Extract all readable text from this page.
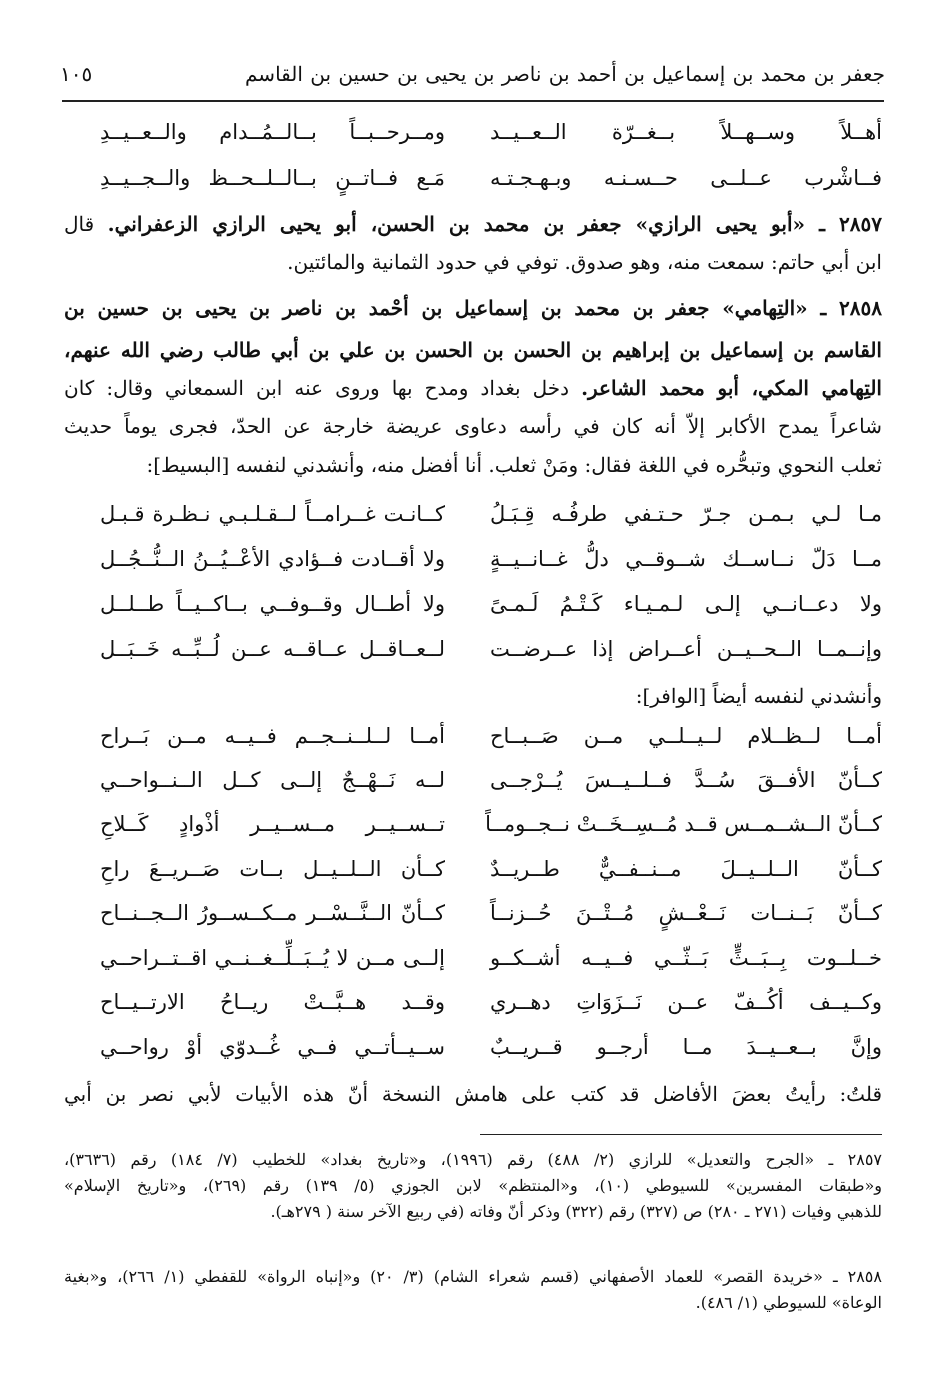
جعفر بن محمد بن إسماعيل بن أحمد بن ناصر بن يحيى بن حسين بن القاسم
١٠٥
أهــلاً وســهــلاً بــغــرّة الــعــيــد
ومــرحــبــاً بــالــمُــدام والــعــيــدِ
فــاشْرب عــلــى حــسـنـه وبـهـجـتـه
مَـع فــاتــنٍ بــالــلــحــظ والــجــيــدِ
٢٨٥٧ ـ «أبو يحيى الرازي» جعفر بن محمد بن الحسن، أبو يحيى الرازي الزعفراني. قال
ابن أبي حاتم: سمعت منه، وهو صدوق. توفي في حدود الثمانية والمائتين.
٢٨٥٨ ـ «التِهامي» جعفر بن محمد بن إسماعيل بن أحْمد بن ناصر بن يحيى بن حسين بن
القاسم بن إسماعيل بن إبراهيم بن الحسن بن الحسن بن علي بن أبي طالب رضي الله عنهم،
التِهامي المكي، أبو محمد الشاعر. دخل بغداد ومدح بها وروى عنه ابن السمعاني وقال: كان
شاعراً يمدح الأكابر إلاّ أنه كان في رأسه دعاوى عريضة خارجة عن الحدّ، فجرى يوماً حديث
ثعلب النحوي وتبحُّره في اللغة فقال: ومَنْ ثعلب. أنا أفضل منه، وأنشدني لنفسه [البسيط]:
مـا لـي بـمـن جـرّ حـتـفي طرفُـه قِـبَـلُ
كــانـت غــرامــاً لــقـلـبـي نـظـرة قـبـل
مــا دَلّ نــاســك شــوقــي دلُّ غــانــيــةٍ
ولا أقــادت فــؤادي الأعْــيُــنُ الــنُّــجُــل
ولا دعــانــي إلـى لـمـيـاء كَـتْـمُ لَـمـىً
ولا أطــال وقــوفــي بــاكــيــاً طــلــل
وإنــمــا الــحــيــن أعــراض إذا عــرضــت
لــعــاقــل عــاقــه عــن لُــبِّــه خَــبَــل
وأنشدني لنفسه أيضاً [الوافر]:
أمــا لــظــلام لــيــلــي مــن صَــبــاح
أمــا لــلــنــجــم فــيــه مــن بَــراح
كــأنّ الأفــقَ سُــدَّ فــلــيــسَ يُــرْجــى
لــه نَــهْــجٌ إلــى كــل الــنــواحــي
كــأنّ الــشــمــس قــد مُــسِــخَــتْ نــجــومــاً
تــســيــر مــســيــر أذْوادٍ كَــلاحِ
كــأنّ الــلــيــلَ مــنــفــيٌّ طــريــدٌ
كــأن الــلــيــل بــات صَــريــعَ راحِ
كــأنّ بَــنــات نَــعْــشٍ مُــتْــنَ حُــزنــاً
كــأنّ الــنَّــسْــر مــكــســورُ الــجــنــاح
خــلــوت بِــبَــثٍّ بَــثّــي فــيــه أشــكــو
إلــى مــن لا يُــبَــلِّــغــنــي اقــتــراحــي
وكــيــف أكُــفّ عــن نَــزَوَاتِ دهــري
وقــد هــبَّــتْ ريــاحُ الارتــيــاح
وإنَّ بــعــيــدَ مــا أرجــو قــريــبٌ
ســيــأتــي فــي غُــدوّي أوْ رواحــي
قلتُ: رأيتُ بعضَ الأفاضل قد كتب على هامش النسخة أنّ هذه الأبيات لأبي نصر بن أبي
٢٨٥٧ ـ «الجرح والتعديل» للرازي (٢/ ٤٨٨) رقم (١٩٩٦)، و«تاريخ بغداد» للخطيب (٧/ ١٨٤) رقم (٣٦٣٦)،
و«طبقات المفسرين» للسيوطي (١٠)، و«المنتظم» لابن الجوزي (٥/ ١٣٩) رقم (٢٦٩)، و«تاريخ الإسلام»
للذهبي وفيات (٢٧١ ـ ٢٨٠) ص (٣٢٧) رقم (٣٢٢) وذكر أنّ وفاته (في ربيع الآخر سنة ( ٢٧٩هـ).
٢٨٥٨ ـ «خريدة القصر» للعماد الأصفهاني (قسم شعراء الشام) (٣/ ٢٠) و«إنباه الرواة» للقفطي (١/ ٢٦٦)، و«بغية
الوعاة» للسيوطي (١/ ٤٨٦).
